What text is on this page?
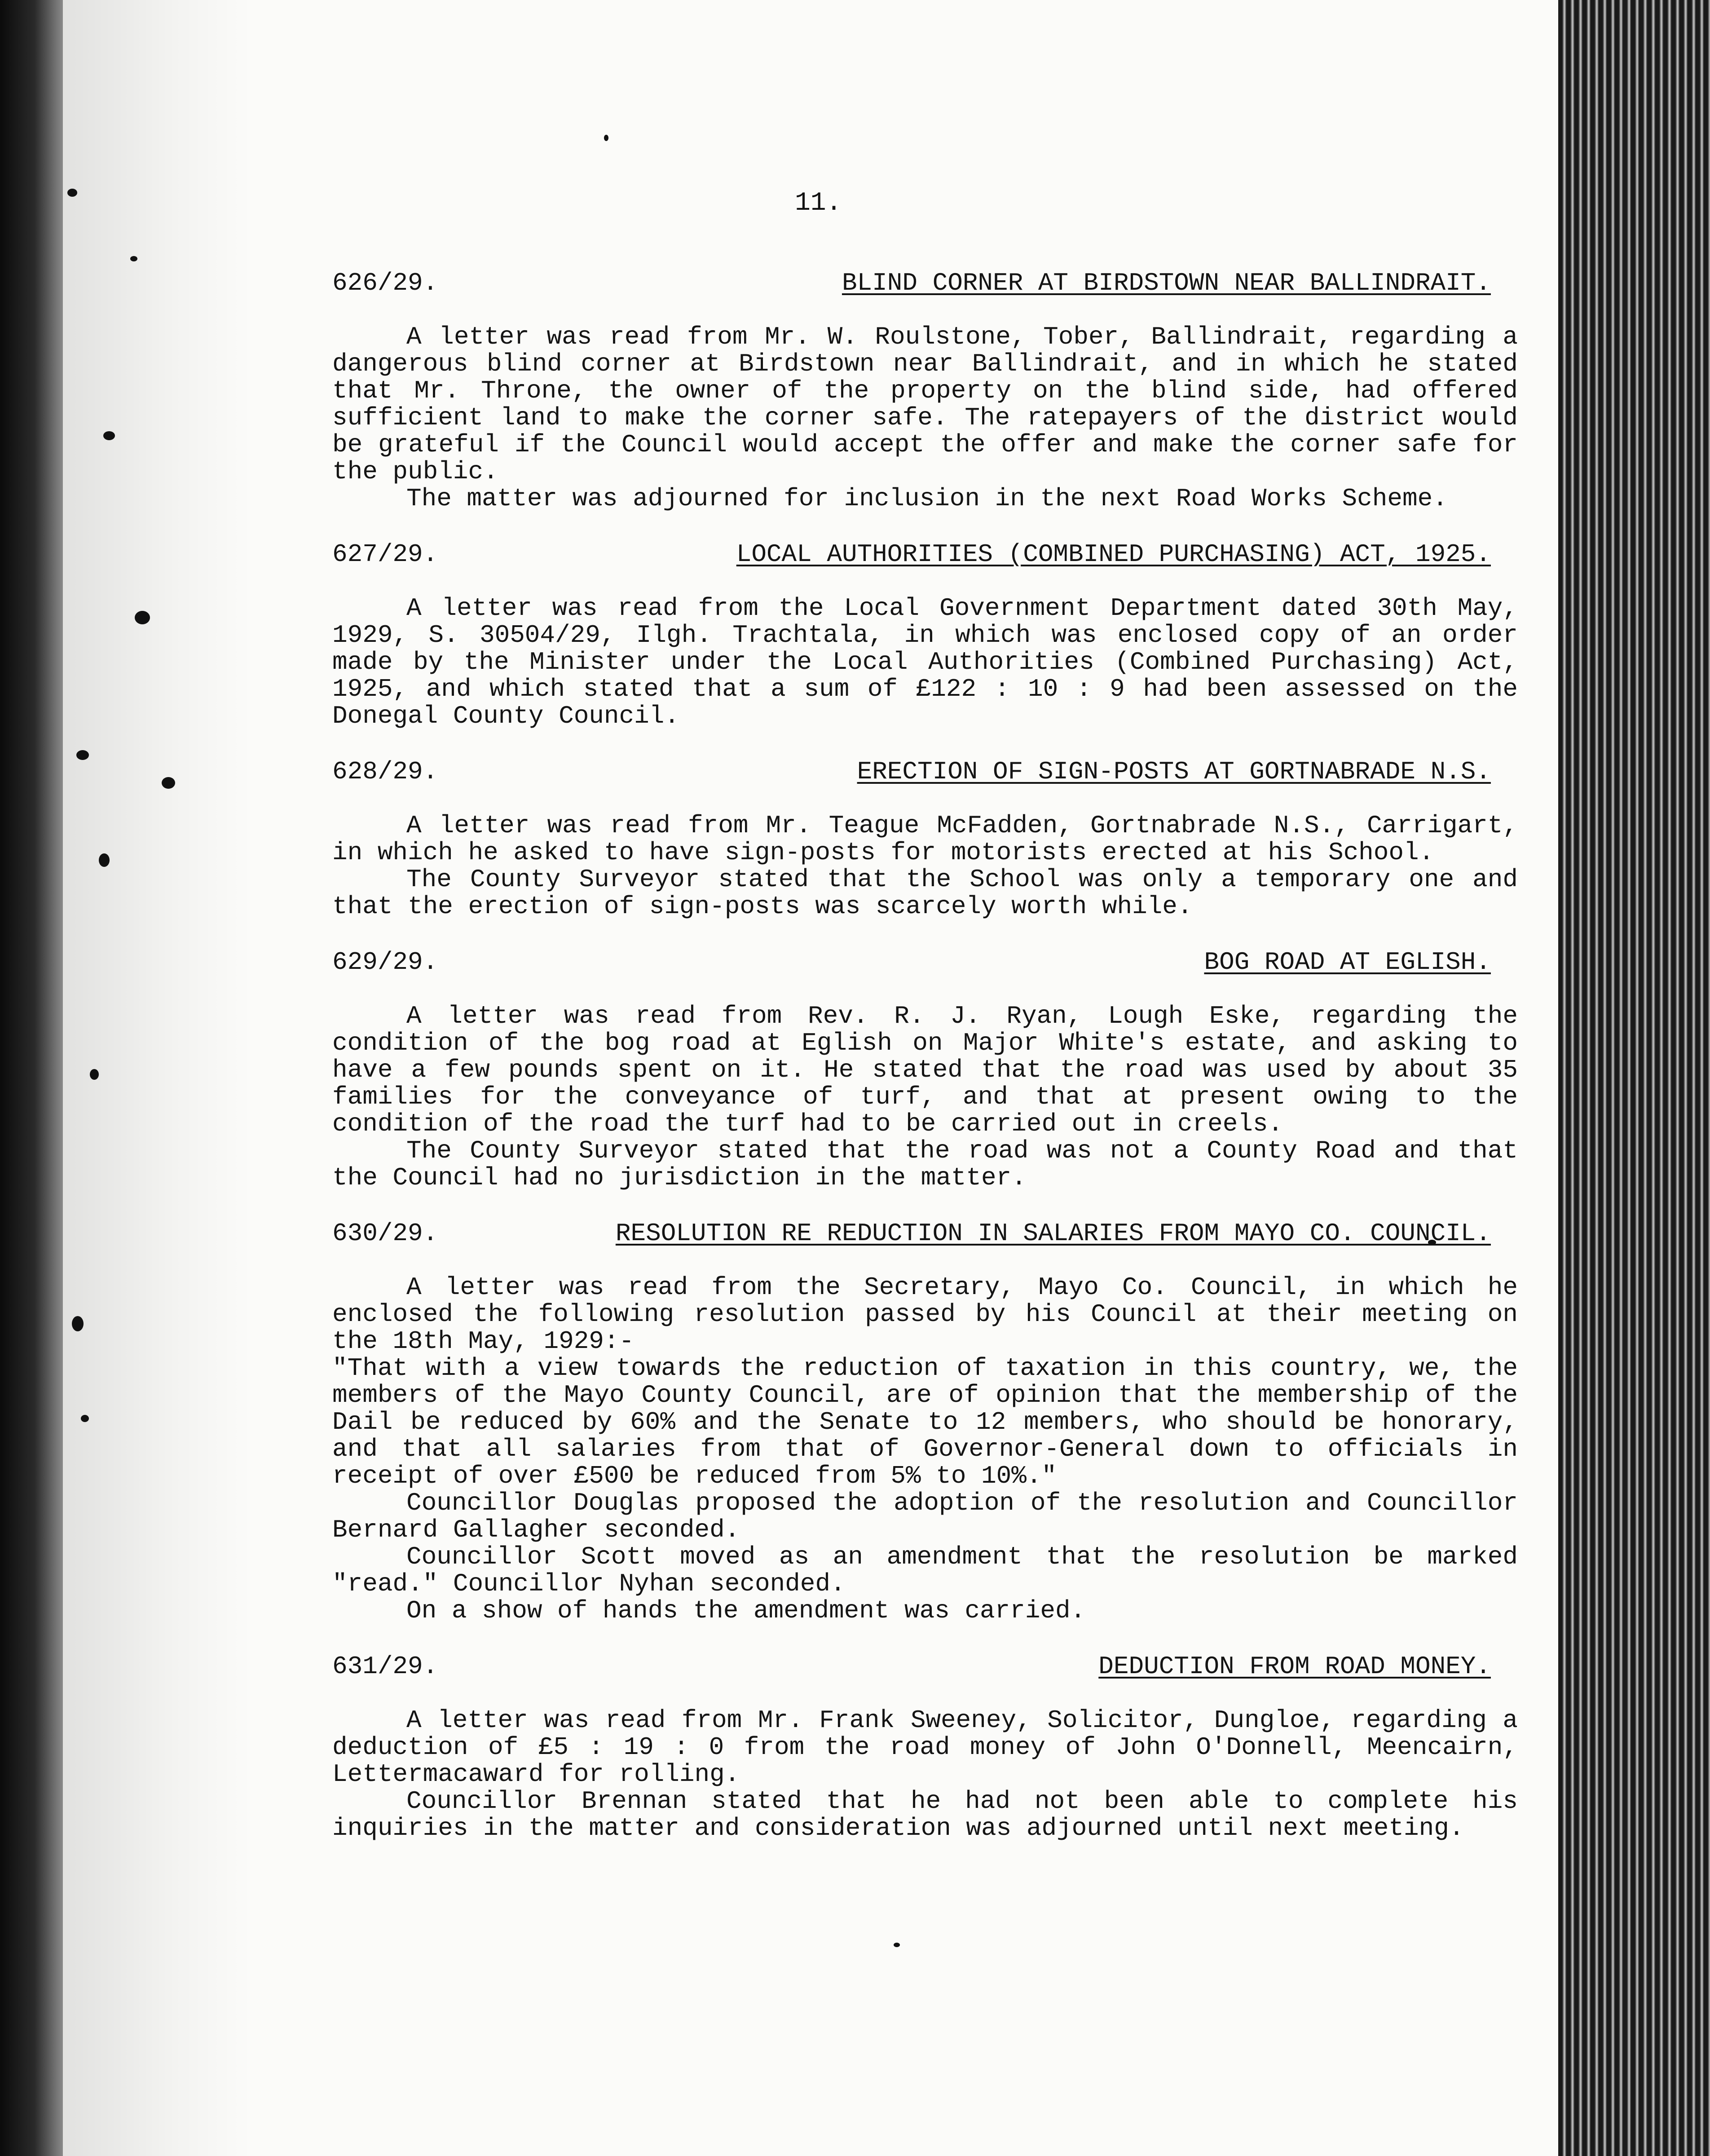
11.
626/29.	BLIND CORNER AT BIRDSTOWN NEAR BALLINDRAIT.

A letter was read from Mr. W. Roulstone, Tober, Ballindrait, regarding a dangerous blind corner at Birdstown near Ballindrait, and in which he stated that Mr. Throne, the owner of the property on the blind side, had offered sufficient land to make the corner safe. The ratepayers of the district would be grateful if the Council would accept the offer and make the corner safe for the public.

The matter was adjourned for inclusion in the next Road Works Scheme.

627/29.	LOCAL AUTHORITIES (COMBINED PURCHASING) ACT, 1925.

A letter was read from the Local Government Department dated 30th May, 1929, S. 30504/29, Ilgh. Trachtala, in which was enclosed copy of an order made by the Minister under the Local Authorities (Combined Purchasing) Act, 1925, and which stated that a sum of £122 : 10 : 9 had been assessed on the Donegal County Council.

628/29.	ERECTION OF SIGN-POSTS AT GORTNABRADE N.S.

A letter was read from Mr. Teague McFadden, Gortnabrade N.S., Carrigart, in which he asked to have sign-posts for motorists erected at his School.

The County Surveyor stated that the School was only a temporary one and that the erection of sign-posts was scarcely worth while.

629/29.	BOG ROAD AT EGLISH.

A letter was read from Rev. R. J. Ryan, Lough Eske, regarding the condition of the bog road at Eglish on Major White's estate, and asking to have a few pounds spent on it. He stated that the road was used by about 35 families for the conveyance of turf, and that at present owing to the condition of the road the turf had to be carried out in creels.

The County Surveyor stated that the road was not a County Road and that the Council had no jurisdiction in the matter.

630/29.	RESOLUTION RE REDUCTION IN SALARIES FROM MAYO CO. COUNCIL.

A letter was read from the Secretary, Mayo Co. Council, in which he enclosed the following resolution passed by his Council at their meeting on the 18th May, 1929:-

"That with a view towards the reduction of taxation in this country, we, the members of the Mayo County Council, are of opinion that the membership of the Dail be reduced by 60% and the Senate to 12 members, who should be honorary, and that all salaries from that of Governor-General down to officials in receipt of over £500 be reduced from 5% to 10%."

Councillor Douglas proposed the adoption of the resolution and Councillor Bernard Gallagher seconded.

Councillor Scott moved as an amendment that the resolution be marked "read." Councillor Nyhan seconded.

On a show of hands the amendment was carried.

631/29.	DEDUCTION FROM ROAD MONEY.

A letter was read from Mr. Frank Sweeney, Solicitor, Dungloe, regarding a deduction of £5 : 19 : 0 from the road money of John O'Donnell, Meencairn, Lettermacaward for rolling.

Councillor Brennan stated that he had not been able to complete his inquiries in the matter and consideration was adjourned until next meeting.
